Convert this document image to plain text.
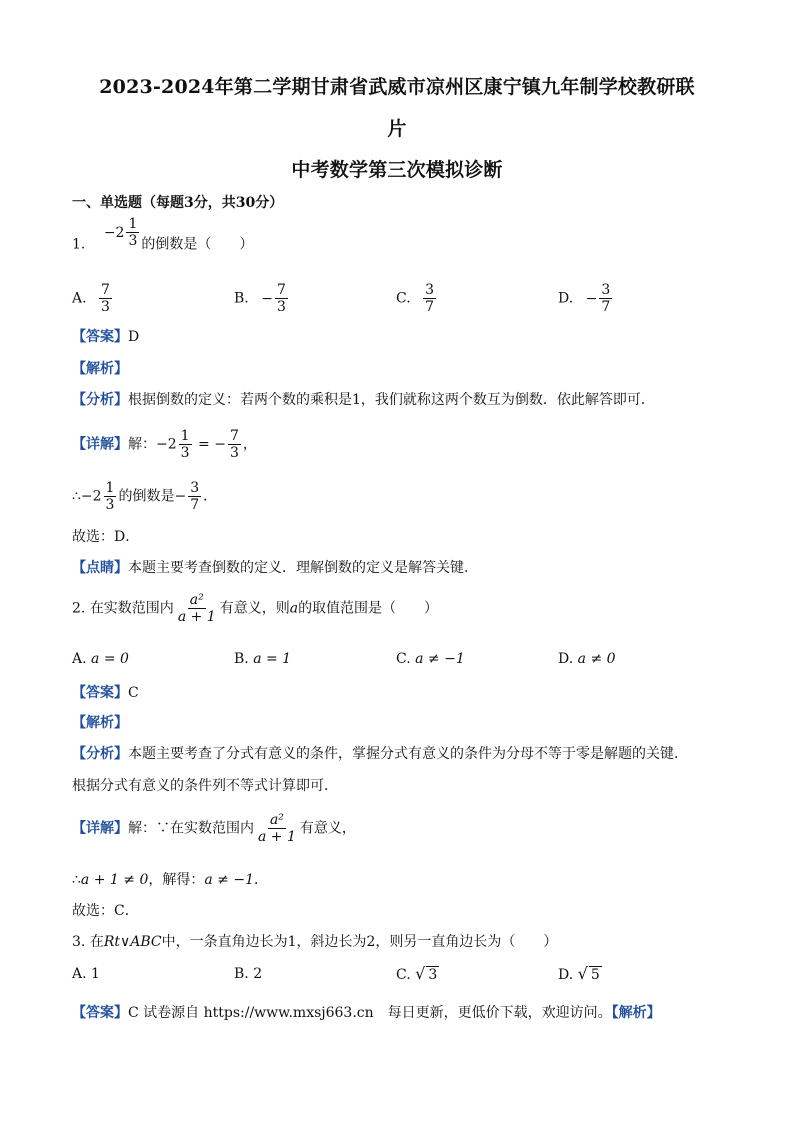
2023-2024年第二学期甘肃省武威市凉州区康宁镇九年制学校教研联
片
中考数学第三次模拟诊断
一、单选题（每题3分，共30分）
1. $-2 \frac{1}{3}$ 的倒数是（　　）
A. $\frac{7}{3}$	B. − $\frac{7}{3}$	C. $\frac{3}{7}$	D. − $\frac{3}{7}$
【答案】D
【解析】
【分析】根据倒数的定义：若两个数的乘积是1，我们就称这两个数互为倒数．依此解答即可．
【详解】解：$-2 \frac{1}{3}$ = − $\frac{7}{3}$ ，
∴−2 $\frac{1}{3}$ 的倒数是− $\frac{3}{7}$ ．
故选：D．
【点睛】本题主要考查倒数的定义．理解倒数的定义是解答关键．
2. 在实数范围内 $\frac{\text{a²}}{a + 1}$ 有意义，则a的取值范围是（　　）
A. a = 0	B. a = 1	C. a ≠ −1	D. a ≠ 0
【答案】C
【解析】
【分析】本题主要考查了分式有意义的条件，掌握分式有意义的条件为分母不等于零是解题的关键．
根据分式有意义的条件列不等式计算即可．
【详解】解：∵在实数范围内 $\frac{\text{a²}}{a + 1}$ 有意义，
∴a + 1 ≠ 0，解得：a ≠ −1．
故选：C．
3. 在Rt∨ABC中，一条直角边长为1，斜边长为2，则另一直角边长为（　　）
A. 1	B. 2	C. √ 3	D. √ 5
【答案】C 试卷源自 https://www.mxsj663.cn　每日更新，更低价下载，欢迎访问。【解析】
